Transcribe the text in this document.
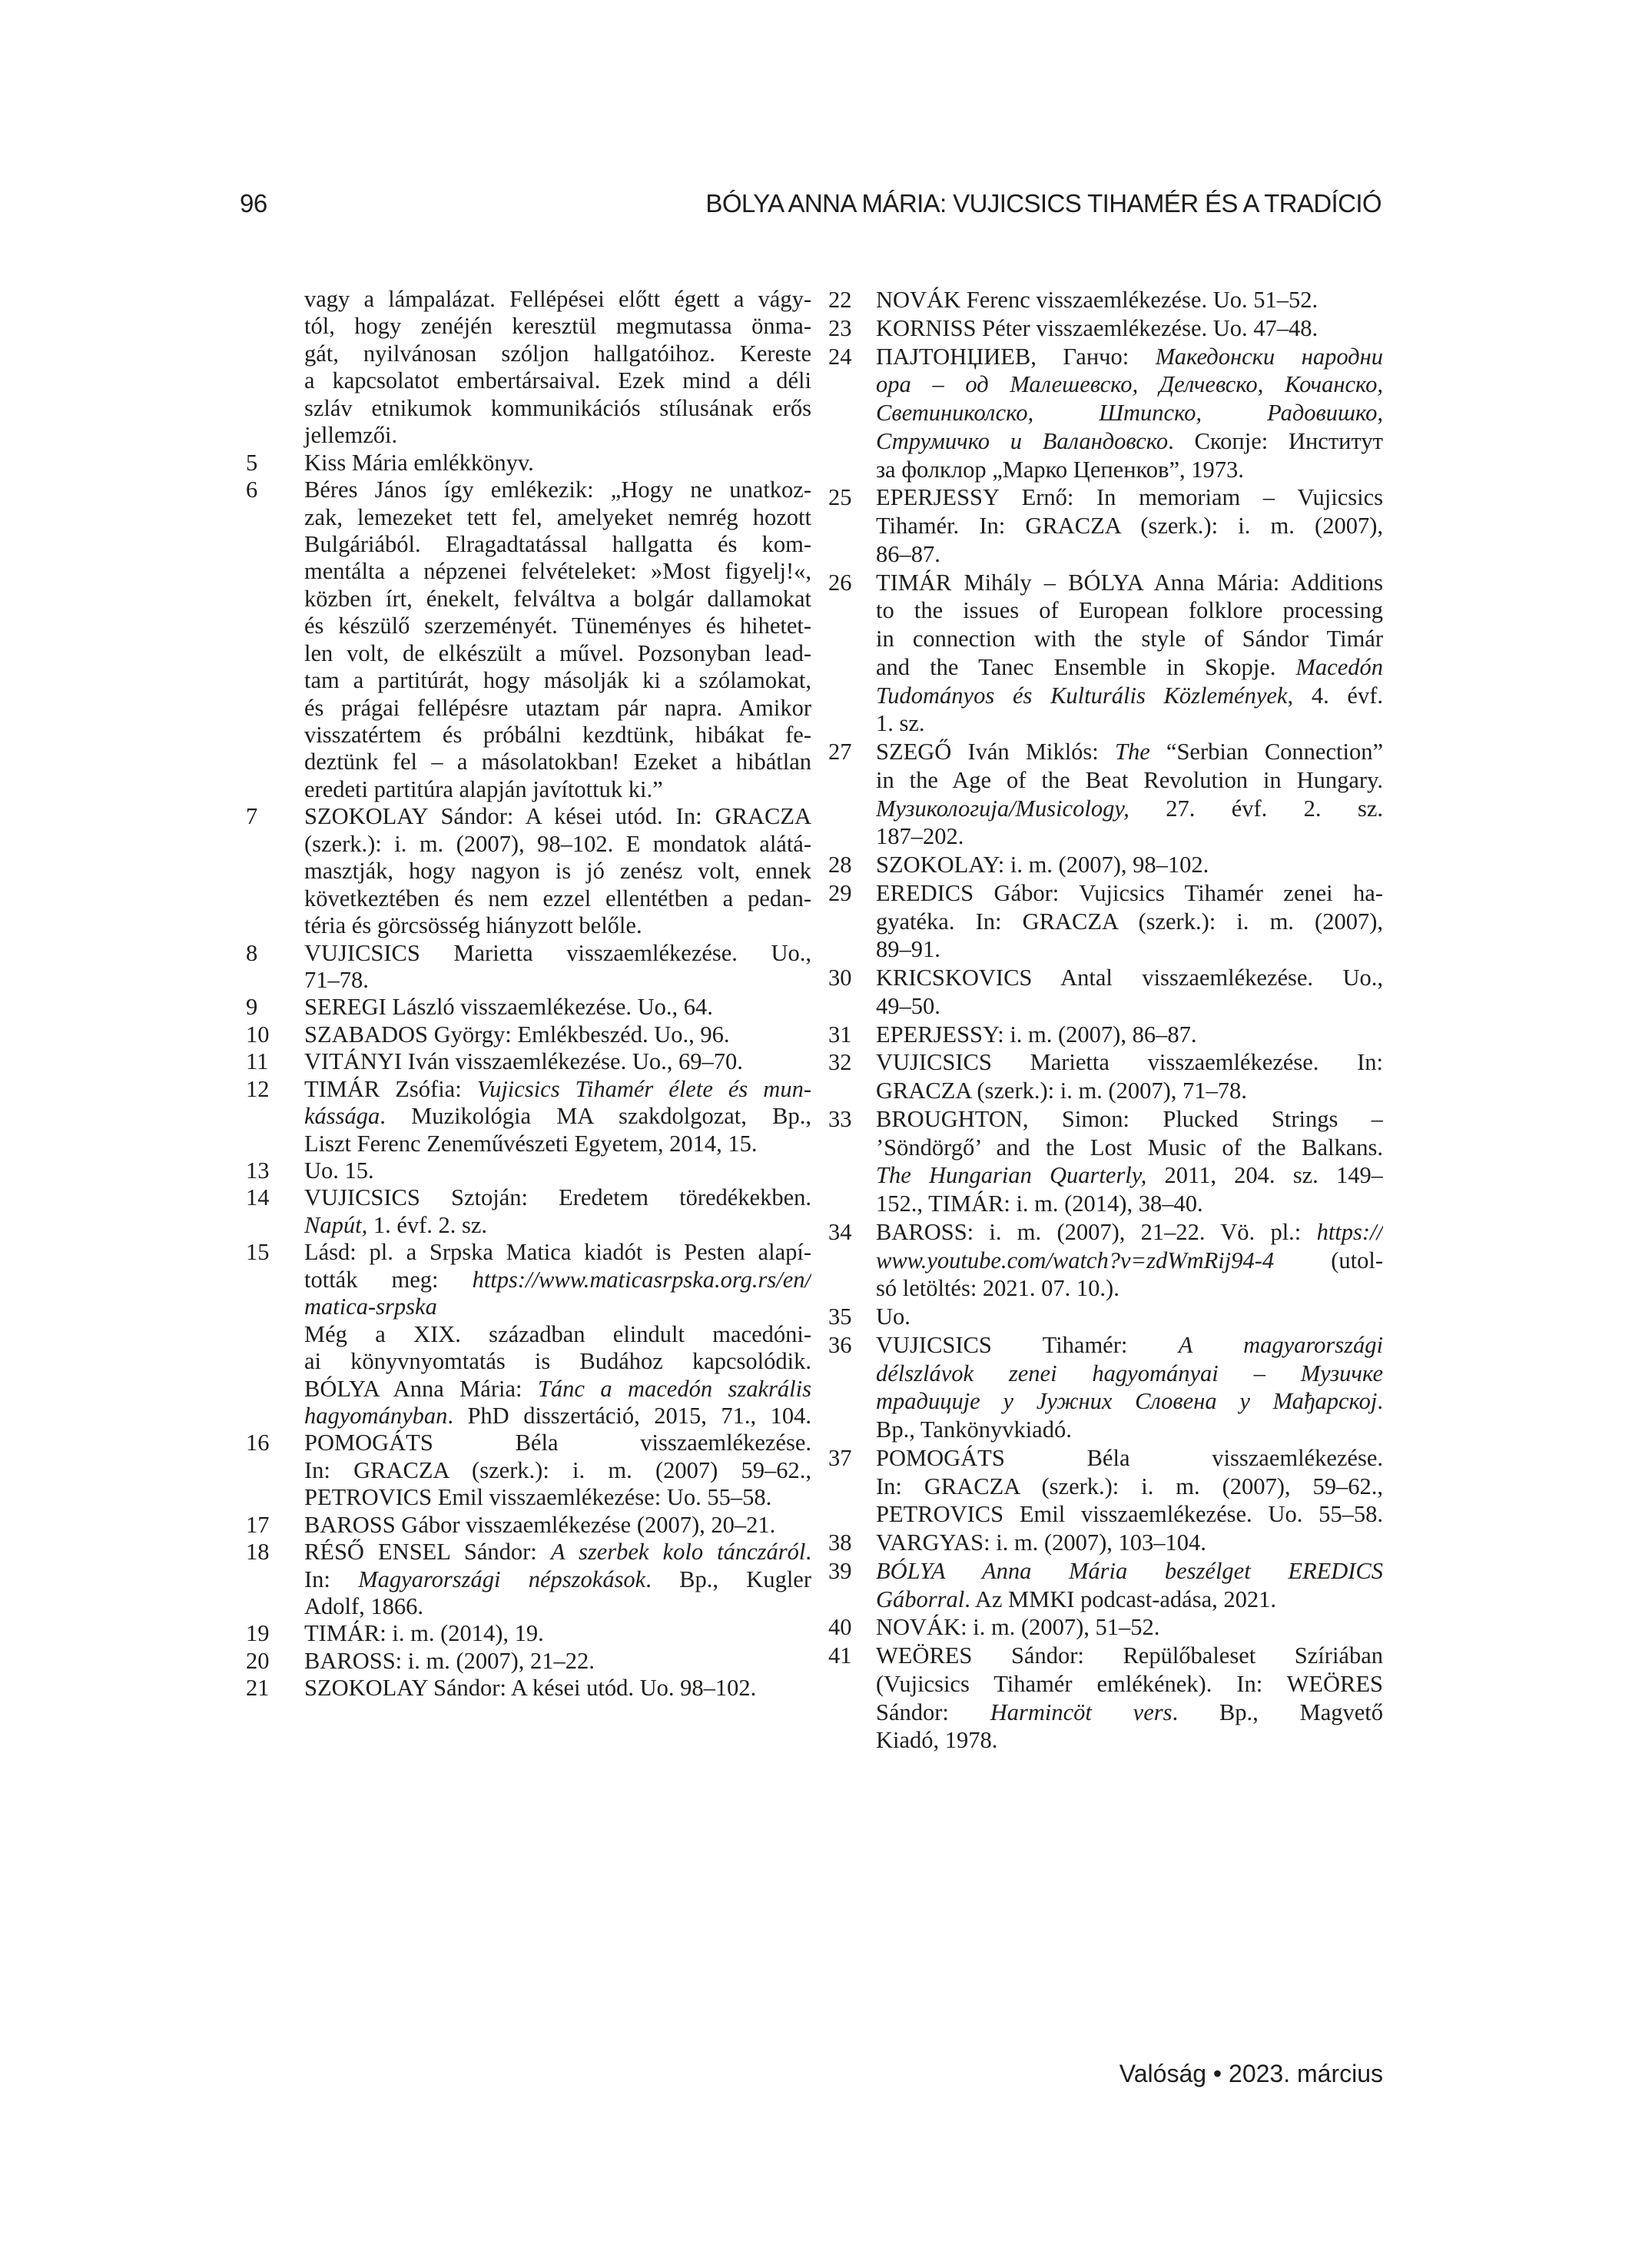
96	BÓLYA ANNA MÁRIA: VUJICSICS TIHAMÉR ÉS A TRADÍCIÓ
vagy a lámpalázat. Fellépései előtt égett a vágy-
tól, hogy zenéjén keresztül megmutassa önma-
gát, nyilvánosan szóljon hallgatóihoz. Kereste
a kapcsolatot embertársaival. Ezek mind a déli
szláv etnikumok kommunikációs stílusának erős
jellemzői.
5 Kiss Mária emlékkönyv.
6 Béres János így emlékezik: „Hogy ne unatkoz-
zak, lemezeket tett fel, amelyeket nemrég hozott
Bulgáriából. Elragadtatással hallgatta és kom-
mentálta a népzenei felvételeket: »Most figyelj!«,
közben írt, énekelt, felváltva a bolgár dallamokat
és készülő szerzeményét. Tüneményes és hihetet-
len volt, de elkészült a művel. Pozsonyban lead-
tam a partitúrát, hogy másolják ki a szólamokat,
és prágai fellépésre utaztam pár napra. Amikor
visszatértem és próbálni kezdtünk, hibákat fe-
deztünk fel – a másolatokban! Ezeket a hibátlan
eredeti partitúra alapján javítottuk ki.”
7 SZOKOLAY Sándor: A kései utód. In: GRACZA
(szerk.): i. m. (2007), 98–102. E mondatok alátá-
masztják, hogy nagyon is jó zenész volt, ennek
következtében és nem ezzel ellentétben a pedan-
téria és görcsösség hiányzott belőle.
8 VUJICSICS Marietta visszaemlékezése. Uo.,
71–78.
9 SEREGI László visszaemlékezése. Uo., 64.
10 SZABADOS György: Emlékbeszéd. Uo., 96.
11 VITÁNYI Iván visszaemlékezése. Uo., 69–70.
12 TIMÁR Zsófia: Vujicsics Tihamér élete és mun-
kássága. Muzikológia MA szakdolgozat, Bp.,
Liszt Ferenc Zeneművészeti Egyetem, 2014, 15.
13 Uo. 15.
14 VUJICSICS Sztoján: Eredetem töredékekben.
Napút, 1. évf. 2. sz.
15 Lásd: pl. a Srpska Matica kiadót is Pesten alapí-
tották meg: https://www.maticasrpska.org.rs/en/
matica-srpska
Még a XIX. században elindult macedóni-
ai könyvnyomtatás is Budához kapcsolódik.
BÓLYA Anna Mária: Tánc a macedón szakrális
hagyományban. PhD disszertáció, 2015, 71., 104.
16 POMOGÁTS Béla visszaemlékezése.
In: GRACZA (szerk.): i. m. (2007) 59–62.,
PETROVICS Emil visszaemlékezése: Uo. 55–58.
17 BAROSS Gábor visszaemlékezése (2007), 20–21.
18 RÉSŐ ENSEL Sándor: A szerbek kolo tánczáról.
In: Magyarországi népszokások. Bp., Kugler
Adolf, 1866.
19 TIMÁR: i. m. (2014), 19.
20 BAROSS: i. m. (2007), 21–22.
21 SZOKOLAY Sándor: A kései utód. Uo. 98–102.
22 NOVÁK Ferenc visszaemlékezése. Uo. 51–52.
23 KORNISS Péter visszaemlékezése. Uo. 47–48.
24 ПАЈТОНЏИЕВ, Ганчо: Македонски народни
ора – од Малешевско, Делчевско, Кочанско,
Светиниколско, Штипско, Радовишко,
Струмичко и Валандовско. Скопје: Институт
за фолклор „Марко Цепенков”, 1973.
25 EPERJESSY Ernő: In memoriam – Vujicsics
Tihamér. In: GRACZA (szerk.): i. m. (2007),
86–87.
26 TIMÁR Mihály – BÓLYA Anna Mária: Additions
to the issues of European folklore processing
in connection with the style of Sándor Timár
and the Tanec Ensemble in Skopje. Macedón
Tudományos és Kulturális Közlemények, 4. évf.
1. sz.
27 SZEGŐ Iván Miklós: The “Serbian Connection”
in the Age of the Beat Revolution in Hungary.
Музикологија/Musicology, 27. évf. 2. sz.
187–202.
28 SZOKOLAY: i. m. (2007), 98–102.
29 EREDICS Gábor: Vujicsics Tihamér zenei ha-
gyatéka. In: GRACZA (szerk.): i. m. (2007),
89–91.
30 KRICSKOVICS Antal visszaemlékezése. Uo.,
49–50.
31 EPERJESSY: i. m. (2007), 86–87.
32 VUJICSICS Marietta visszaemlékezése. In:
GRACZA (szerk.): i. m. (2007), 71–78.
33 BROUGHTON, Simon: Plucked Strings –
’Söndörgő’ and the Lost Music of the Balkans.
The Hungarian Quarterly, 2011, 204. sz. 149–
152., TIMÁR: i. m. (2014), 38–40.
34 BAROSS: i. m. (2007), 21–22. Vö. pl.: https://
www.youtube.com/watch?v=zdWmRij94-4 (utol-
só letöltés: 2021. 07. 10.).
35 Uo.
36 VUJICSICS Tihamér: A magyarországi
délszlávok zenei hagyományai – Музичке
традиције у Јужних Словена у Мађарској.
Bp., Tankönyvkiadó.
37 POMOGÁTS Béla visszaemlékezése.
In: GRACZA (szerk.): i. m. (2007), 59–62.,
PETROVICS Emil visszaemlékezése. Uo. 55–58.
38 VARGYAS: i. m. (2007), 103–104.
39 BÓLYA Anna Mária beszélget EREDICS
Gáborral. Az MMKI podcast-adása, 2021.
40 NOVÁK: i. m. (2007), 51–52.
41 WEÖRES Sándor: Repülőbaleset Szíriában
(Vujicsics Tihamér emlékének). In: WEÖRES
Sándor: Harmincöt vers. Bp., Magvető
Kiadó, 1978.
Valóság • 2023. március
